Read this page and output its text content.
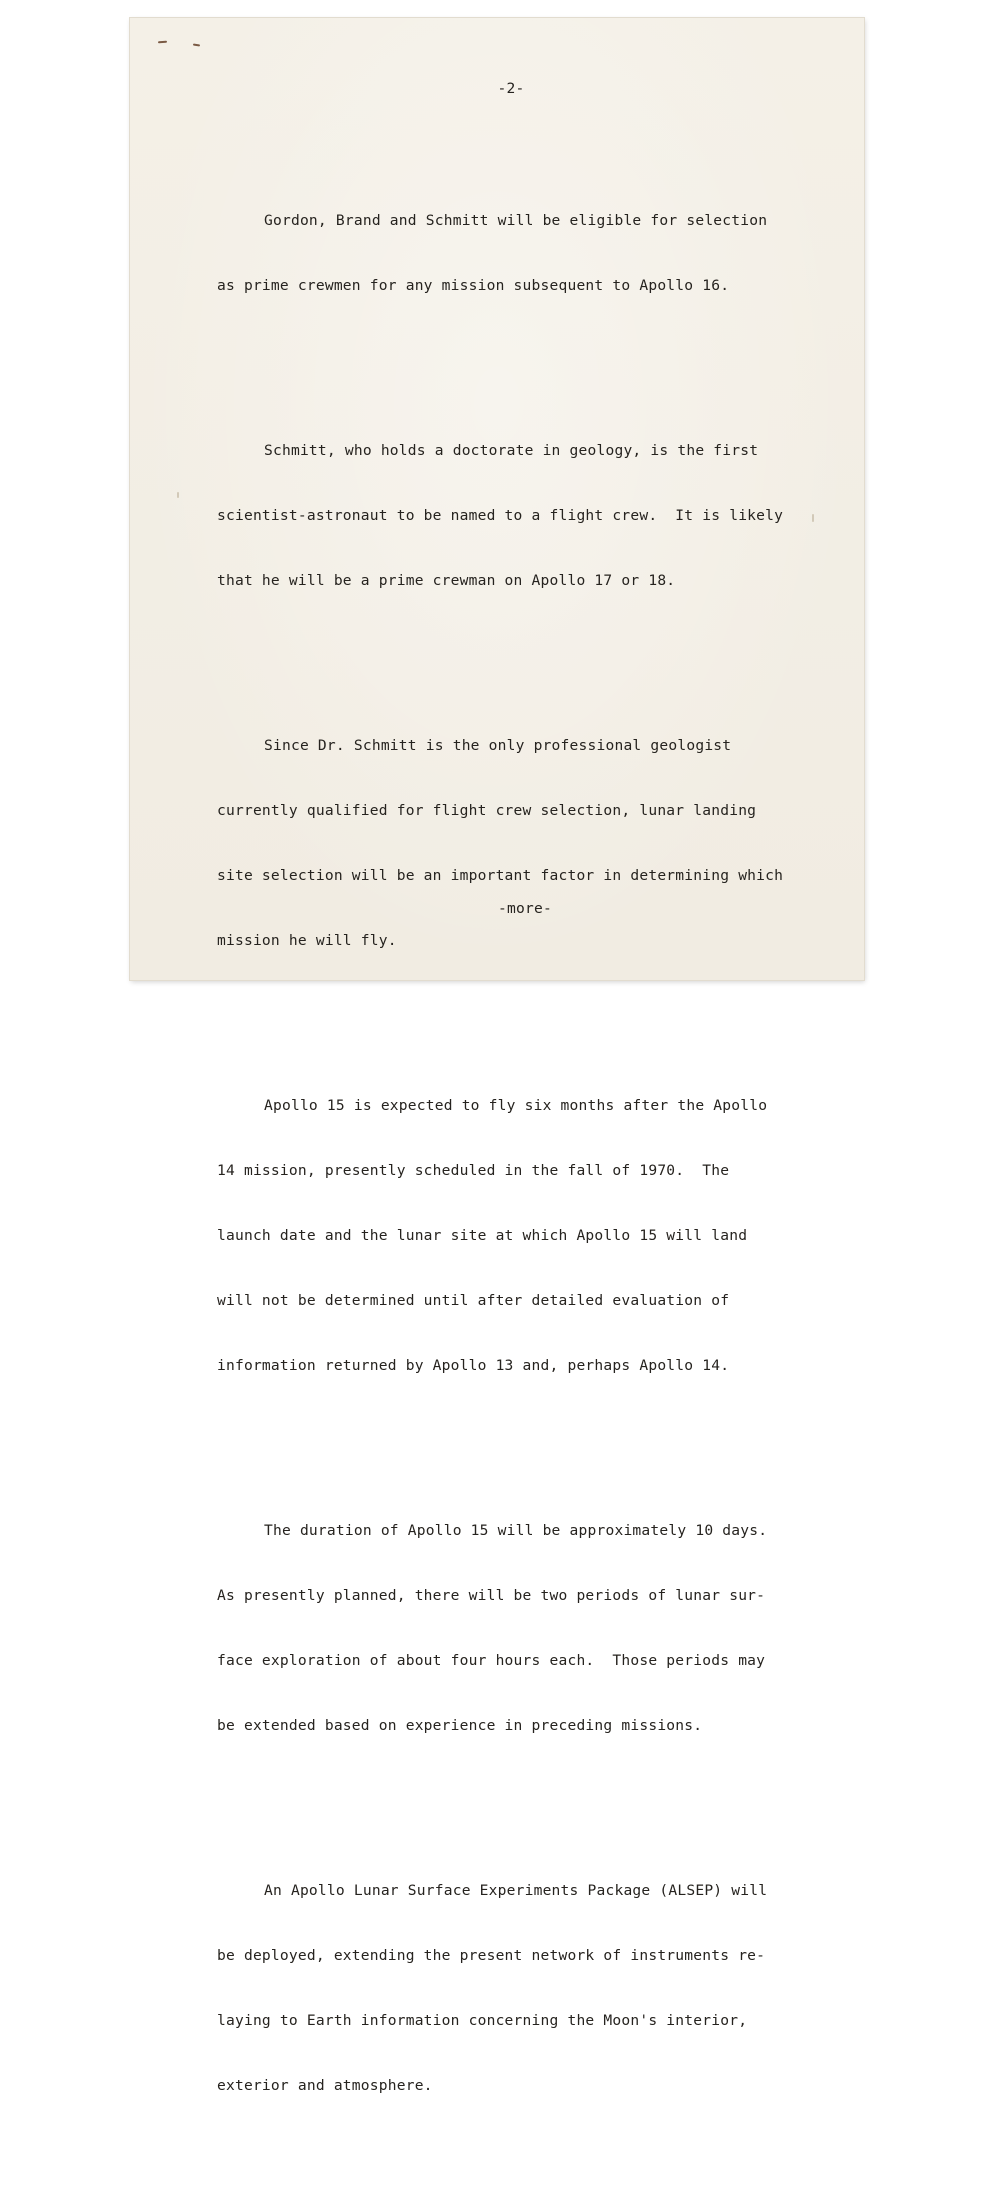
-2-

Gordon, Brand and Schmitt will be eligible for selection

as prime crewmen for any mission subsequent to Apollo 16.

Schmitt, who holds a doctorate in geology, is the first

scientist-astronaut to be named to a flight crew.  It is likely

that he will be a prime crewman on Apollo 17 or 18.

Since Dr. Schmitt is the only professional geologist

currently qualified for flight crew selection, lunar landing

site selection will be an important factor in determining which

mission he will fly.

Apollo 15 is expected to fly six months after the Apollo

14 mission, presently scheduled in the fall of 1970.  The

launch date and the lunar site at which Apollo 15 will land

will not be determined until after detailed evaluation of

information returned by Apollo 13 and, perhaps Apollo 14.

The duration of Apollo 15 will be approximately 10 days.

As presently planned, there will be two periods of lunar sur-

face exploration of about four hours each.  Those periods may

be extended based on experience in preceding missions.

An Apollo Lunar Surface Experiments Package (ALSEP) will

be deployed, extending the present network of instruments re-

laying to Earth information concerning the Moon's interior,

exterior and atmosphere.

-more-
